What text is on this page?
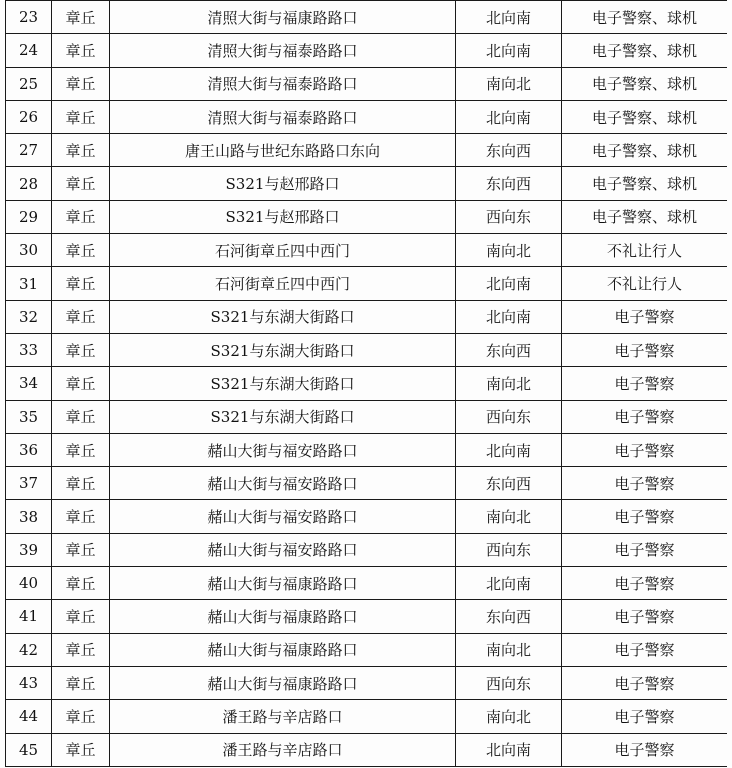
23	章丘	清照大街与福康路路口	北向南	电子警察、球机
24	章丘	清照大街与福泰路路口	北向南	电子警察、球机
25	章丘	清照大街与福泰路路口	南向北	电子警察、球机
26	章丘	清照大街与福泰路路口	北向南	电子警察、球机
27	章丘	唐王山路与世纪东路路口东向	东向西	电子警察、球机
28	章丘	S321与赵邢路口	东向西	电子警察、球机
29	章丘	S321与赵邢路口	西向东	电子警察、球机
30	章丘	石河街章丘四中西门	南向北	不礼让行人
31	章丘	石河街章丘四中西门	北向南	不礼让行人
32	章丘	S321与东湖大街路口	北向南	电子警察
33	章丘	S321与东湖大街路口	东向西	电子警察
34	章丘	S321与东湖大街路口	南向北	电子警察
35	章丘	S321与东湖大街路口	西向东	电子警察
36	章丘	赭山大街与福安路路口	北向南	电子警察
37	章丘	赭山大街与福安路路口	东向西	电子警察
38	章丘	赭山大街与福安路路口	南向北	电子警察
39	章丘	赭山大街与福安路路口	西向东	电子警察
40	章丘	赭山大街与福康路路口	北向南	电子警察
41	章丘	赭山大街与福康路路口	东向西	电子警察
42	章丘	赭山大街与福康路路口	南向北	电子警察
43	章丘	赭山大街与福康路路口	西向东	电子警察
44	章丘	潘王路与辛店路口	南向北	电子警察
45	章丘	潘王路与辛店路口	北向南	电子警察
